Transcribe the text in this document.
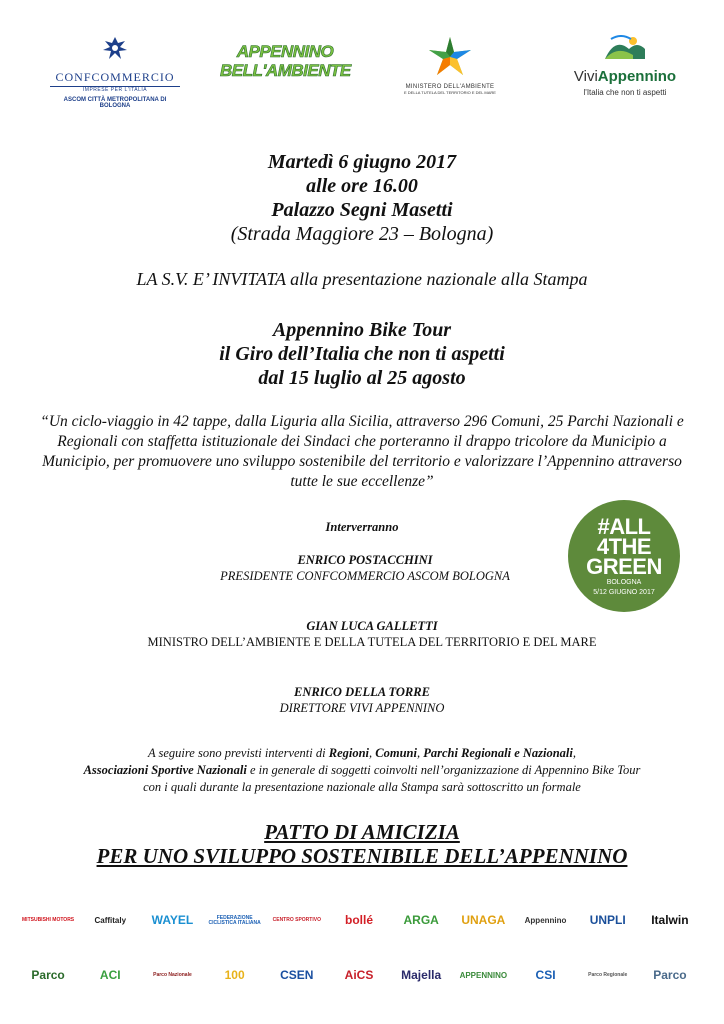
CONFCOMMERCIO
IMPRESE PER L'ITALIA
ASCOM CITTÀ METROPOLITANA DI BOLOGNA
APPENNINO
BELL'AMBIENTE
MINISTERO DELL'AMBIENTE
E DELLA TUTELA DEL TERRITORIO E DEL MARE
ViviAppennino
l'Italia che non ti aspetti
Martedì 6 giugno 2017
alle ore 16.00
Palazzo Segni Masetti
(Strada Maggiore 23 – Bologna)
LA S.V. E’ INVITATA alla presentazione nazionale alla Stampa
Appennino Bike Tour
il Giro dell’Italia che non ti aspetti
dal 15 luglio al 25 agosto
“Un ciclo-viaggio in 42 tappe, dalla Liguria alla Sicilia, attraverso 296 Comuni, 25 Parchi Nazionali e Regionali con staffetta istituzionale dei Sindaci che porteranno il drappo tricolore da Municipio a Municipio, per promuovere uno sviluppo sostenibile del territorio e valorizzare l’Appennino attraverso tutte le sue eccellenze”
Interverranno
ENRICO POSTACCHINI
PRESIDENTE CONFCOMMERCIO ASCOM BOLOGNA
GIAN LUCA GALLETTI
MINISTRO DELL’AMBIENTE E DELLA TUTELA DEL TERRITORIO E DEL MARE
ENRICO DELLA TORRE
DIRETTORE VIVI APPENNINO
#ALL
4THE
GREEN
BOLOGNA
5/12 GIUGNO 2017
A seguire sono previsti interventi di Regioni, Comuni, Parchi Regionali e Nazionali,
Associazioni Sportive Nazionali e in generale di soggetti coinvolti nell’organizzazione di Appennino Bike Tour
con i quali durante la presentazione nazionale alla Stampa sarà sottoscritto un formale
PATTO DI AMICIZIA
PER UNO SVILUPPO SOSTENIBILE DELL’APPENNINO
MITSUBISHI MOTORS	Caffitaly	WAYEL	FEDERAZIONE CICLISTICA ITALIANA	CENTRO SPORTIVO	bollé	ARGA	UNAGA	Appennino	UNPLI	Italwin
Parco	ACI	Parco Nazionale	100	CSEN	AiCS	Majella	APPENNINO	CSI	Parco Regionale	Parco
